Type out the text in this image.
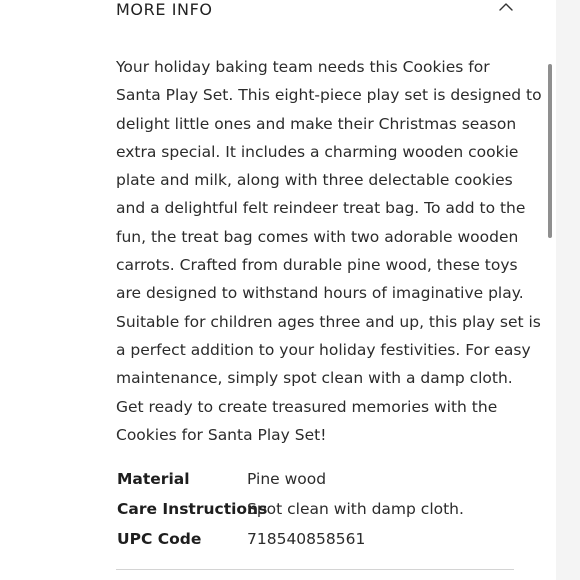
MORE INFO
Your holiday baking team needs this Cookies for
Santa Play Set. This eight-piece play set is designed to
delight little ones and make their Christmas season
extra special. It includes a charming wooden cookie
plate and milk, along with three delectable cookies
and a delightful felt reindeer treat bag. To add to the
fun, the treat bag comes with two adorable wooden
carrots. Crafted from durable pine wood, these toys
are designed to withstand hours of imaginative play.
Suitable for children ages three and up, this play set is
a perfect addition to your holiday festivities. For easy
maintenance, simply spot clean with a damp cloth.
Get ready to create treasured memories with the
Cookies for Santa Play Set!
Material	Pine wood
Care Instructions
Spot clean with damp cloth.
UPC Code	718540858561
